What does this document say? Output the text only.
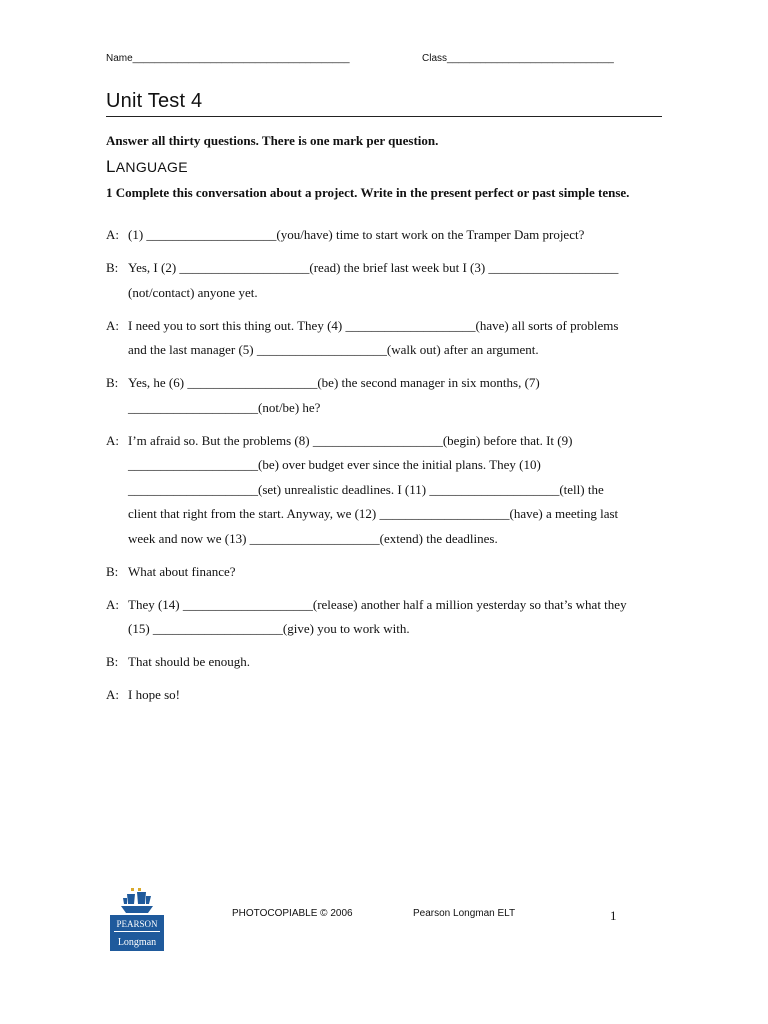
Name_______________________________________	Class______________________________
Unit Test 4
Answer all thirty questions. There is one mark per question.
LANGUAGE
1 Complete this conversation about a project. Write in the present perfect or past simple tense.
A: (1) ____________________(you/have) time to start work on the Tramper Dam project?
B: Yes, I (2) ____________________(read) the brief last week but I (3) ____________________
(not/contact) anyone yet.
A: I need you to sort this thing out. They (4) ____________________(have) all sorts of problems
and the last manager (5) ____________________(walk out) after an argument.
B: Yes, he (6) ____________________(be) the second manager in six months, (7)
____________________(not/be) he?
A: I’m afraid so. But the problems (8) ____________________(begin) before that. It (9)
____________________(be) over budget ever since the initial plans. They (10)
____________________(set) unrealistic deadlines. I (11) ____________________(tell) the
client that right from the start. Anyway, we (12) ____________________(have) a meeting last
week and now we (13) ____________________(extend) the deadlines.
B: What about finance?
A: They (14) ____________________(release) another half a million yesterday so that’s what they
(15) ____________________(give) you to work with.
B: That should be enough.
A: I hope so!
PEARSON
Longman
PHOTOCOPIABLE © 2006	Pearson Longman ELT	1
